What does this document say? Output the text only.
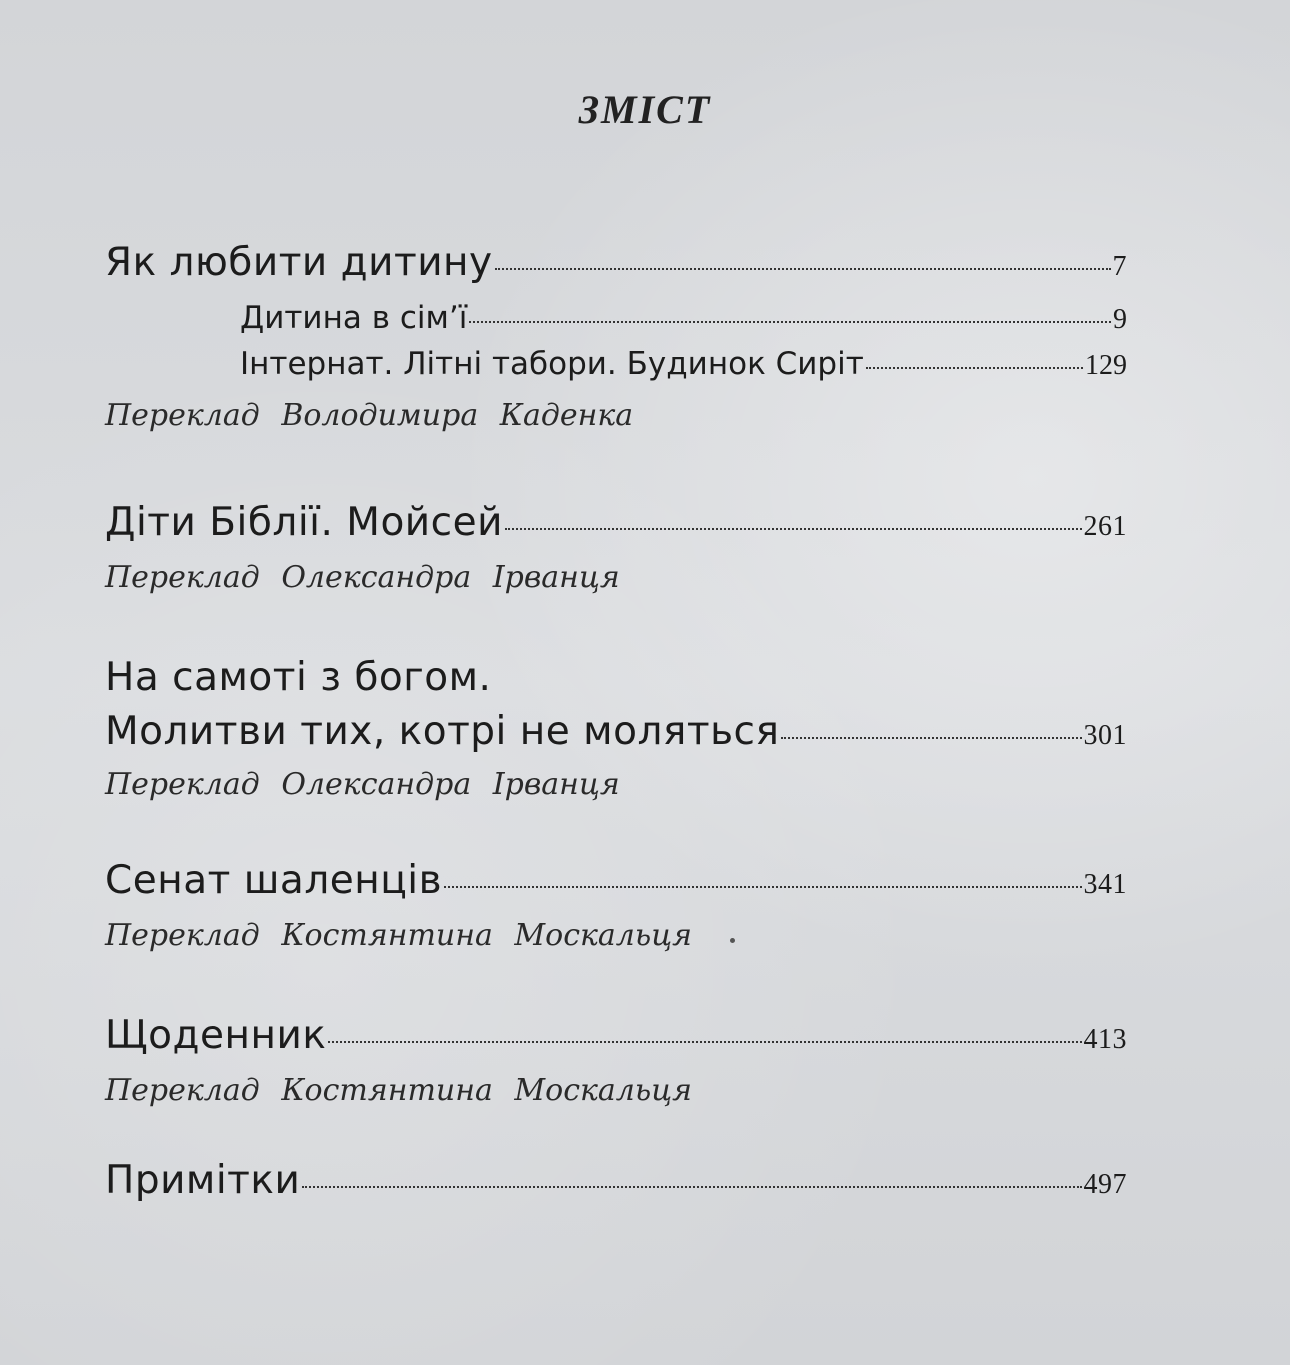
ЗМІСТ
Як любити дитину	7
Дитина в сім’ї	9
Інтернат. Літні табори. Будинок Сиріт	129
Переклад Володимира Каденка
Діти Біблії. Мойсей	261
Переклад Олександра Ірванця
На самоті з богом.
Молитви тих, котрі не моляться	301
Переклад Олександра Ірванця
Сенат шаленців	341
Переклад Костянтина Москальця
Щоденник	413
Переклад Костянтина Москальця
Примітки	497
